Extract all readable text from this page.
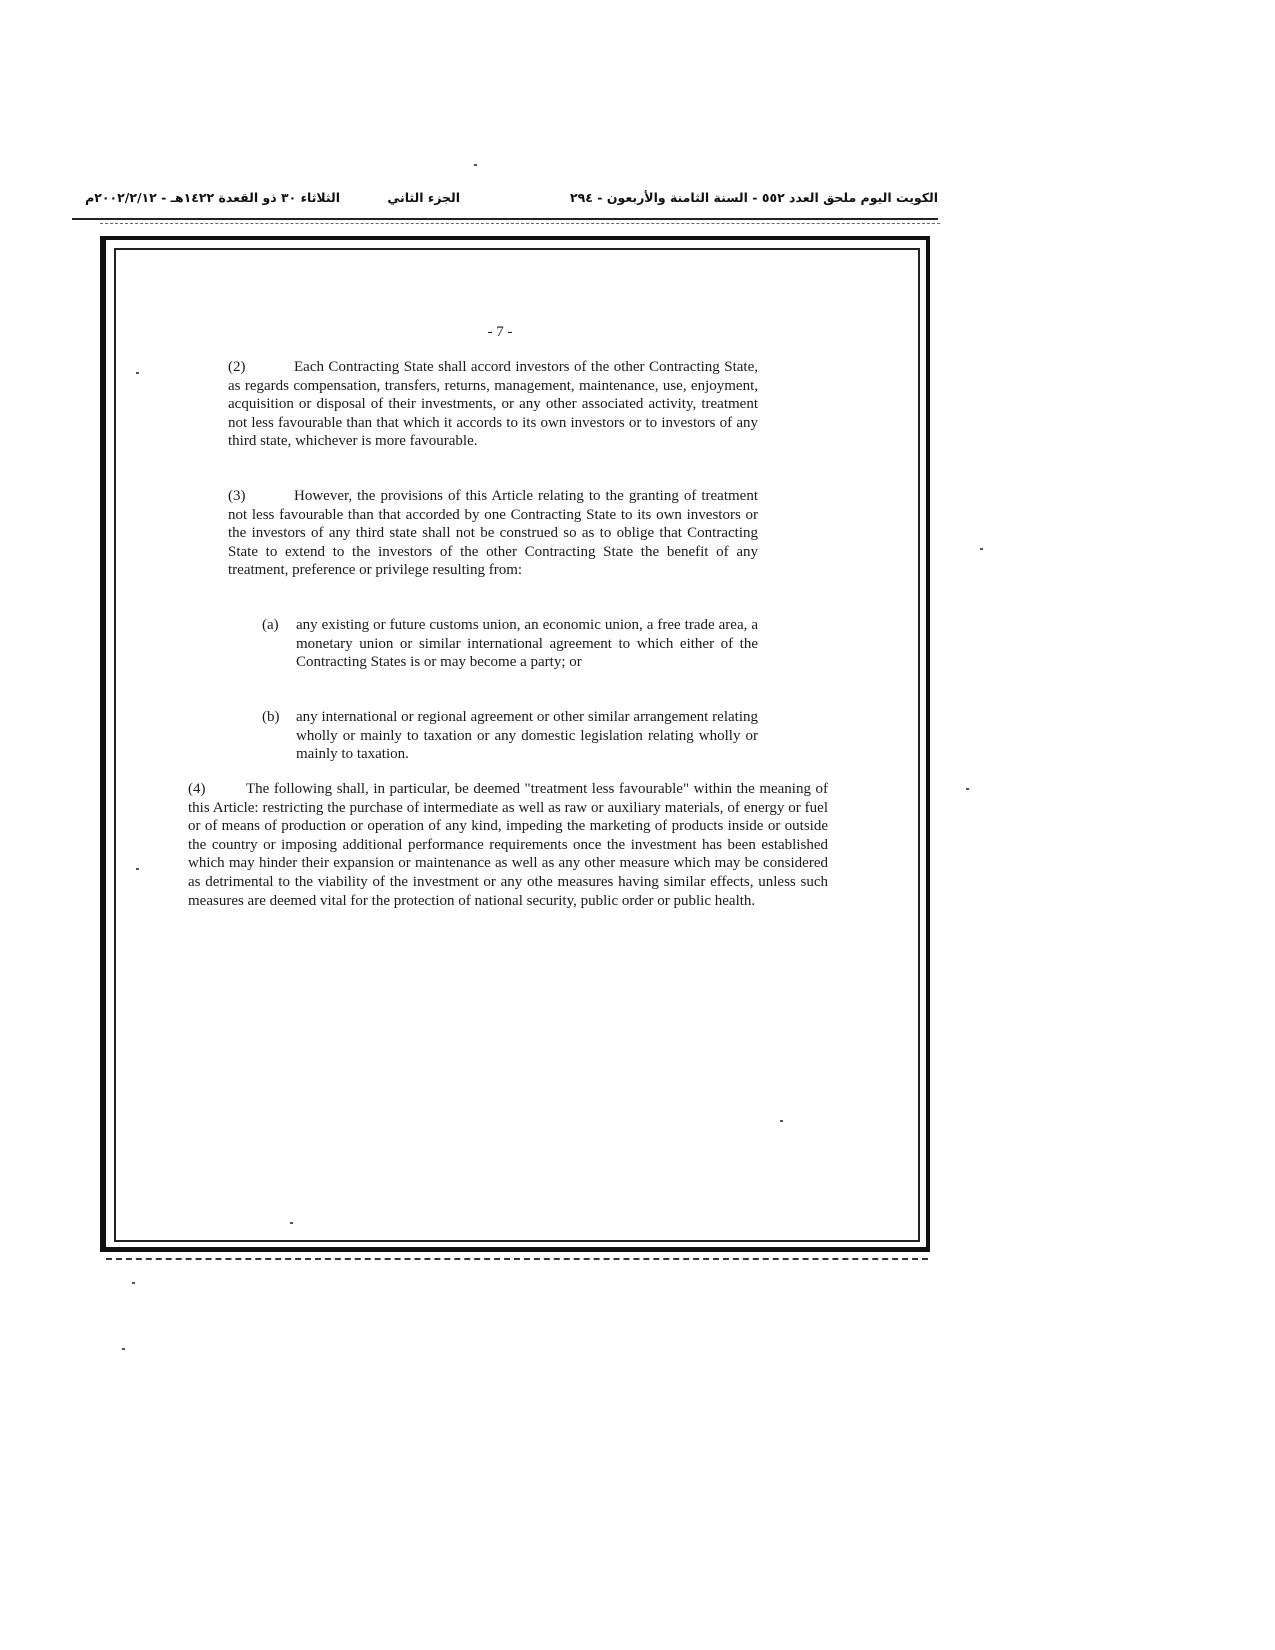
الكويت اليوم ملحق العدد ٥٥٢ - السنة الثامنة والأربعون - ٢٩٤
الجزء الثاني
الثلاثاء ٣٠ ذو القعدة ١٤٢٢هـ - ٢٠٠٢/٢/١٢م
- 7 -

(2)	Each Contracting State shall accord investors of the other Contracting State, as regards compensation, transfers, returns, management, maintenance, use, enjoyment, acquisition or disposal of their investments, or any other associated activity, treatment not less favourable than that which it accords to its own investors or to investors of any third state, whichever is more favourable.

(3)	However, the provisions of this Article relating to the granting of treatment not less favourable than that accorded by one Contracting State to its own investors or the investors of any third state shall not be construed so as to oblige that Contracting State to extend to the investors of the other Contracting State the benefit of any treatment, preference or privilege resulting from:

(a) any existing or future customs union, an economic union, a free trade area, a monetary union or similar international agreement to which either of the Contracting States is or may become a party; or

(b) any international or regional agreement or other similar arrangement relating wholly or mainly to taxation or any domestic legislation relating wholly or mainly to taxation.

(4)	The following shall, in particular, be deemed "treatment less favourable" within the meaning of this Article: restricting the purchase of intermediate as well as raw or auxiliary materials, of energy or fuel or of means of production or operation of any kind, impeding the marketing of products inside or outside the country or imposing additional performance requirements once the investment has been established which may hinder their expansion or maintenance as well as any other measure which may be considered as detrimental to the viability of the investment or any othe measures having similar effects, unless such measures are deemed vital for the protection of national security, public order or public health.
